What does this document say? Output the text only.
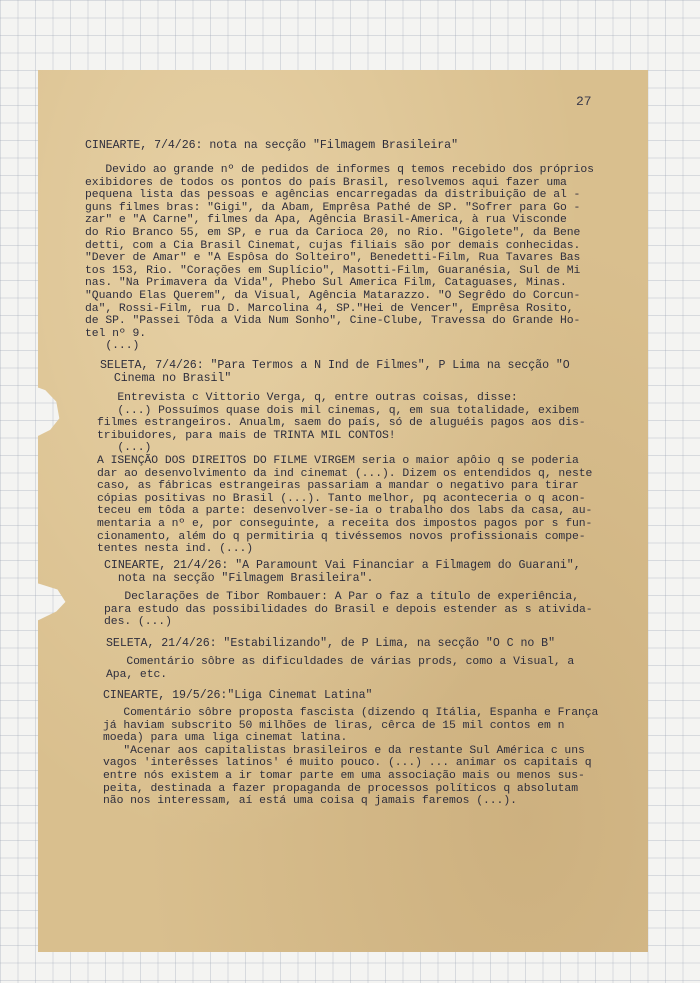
27
CINEARTE, 7/4/26: nota na secção "Filmagem Brasileira"
Devido ao grande nº de pedidos de informes q temos recebido dos próprios
exibidores de todos os pontos do país Brasil, resolvemos aqui fazer uma
pequena lista das pessoas e agências encarregadas da distribuição de al -
guns filmes bras: "Gigi", da Abam, Emprêsa Pathé de SP. "Sofrer para Go -
zar" e "A Carne", filmes da Apa, Agência Brasil-America, à rua Visconde
do Rio Branco 55, em SP, e rua da Carioca 20, no Rio. "Gigolete", da Bene
detti, com a Cia Brasil Cinemat, cujas filiais são por demais conhecidas.
"Dever de Amar" e "A Espôsa do Solteiro", Benedetti-Film, Rua Tavares Bas
tos 153, Rio. "Corações em Suplício", Masotti-Film, Guaranésia, Sul de Mi
nas. "Na Primavera da Vida", Phebo Sul America Film, Cataguases, Minas.
"Quando Elas Querem", da Visual, Agência Matarazzo. "O Segrêdo do Corcun-
da", Rossi-Film, rua D. Marcolina 4, SP."Hei de Vencer", Emprêsa Rosito,
de SP. "Passei Tôda a Vida Num Sonho", Cine-Clube, Travessa do Grande Ho-
tel nº 9.
(...)
SELETA, 7/4/26: "Para Termos a N Ind de Filmes", P Lima na secção "O
Cinema no Brasil"
Entrevista c Vittorio Verga, q, entre outras coisas, disse:
(...) Possuímos quase dois mil cinemas, q, em sua totalidade, exibem
filmes estrangeiros. Anualm, saem do país, só de aluguéis pagos aos dis-
tribuidores, para mais de TRINTA MIL CONTOS!
(...)
A ISENÇÃO DOS DIREITOS DO FILME VIRGEM seria o maior apôio q se poderia
dar ao desenvolvimento da ind cinemat (...). Dizem os entendidos q, neste
caso, as fábricas estrangeiras passariam a mandar o negativo para tirar
cópias positivas no Brasil (...). Tanto melhor, pq aconteceria o q acon-
teceu em tôda a parte: desenvolver-se-ia o trabalho dos labs da casa, au-
mentaria a nº e, por conseguinte, a receita dos impostos pagos por s fun-
cionamento, além do q permitiria q tivéssemos novos profissionais compe-
tentes nesta ind. (...)
CINEARTE, 21/4/26: "A Paramount Vai Financiar a Filmagem do Guarani",
nota na secção "Filmagem Brasileira".
Declarações de Tibor Rombauer: A Par o faz a título de experiência,
para estudo das possibilidades do Brasil e depois estender as s ativida-
des. (...)
SELETA, 21/4/26: "Estabilizando", de P Lima, na secção "O C no B"
Comentário sôbre as dificuldades de várias prods, como a Visual, a
Apa, etc.
CINEARTE, 19/5/26:"Liga Cinemat Latina"
Comentário sôbre proposta fascista (dizendo q Itália, Espanha e França
já haviam subscrito 50 milhões de liras, cêrca de 15 mil contos em n
moeda) para uma liga cinemat latina.
"Acenar aos capitalistas brasileiros e da restante Sul América c uns
vagos 'interêsses latinos' é muito pouco. (...) ... animar os capitais q
entre nós existem a ir tomar parte em uma associação mais ou menos sus-
peita, destinada a fazer propaganda de processos políticos q absolutam
não nos interessam, aí está uma coisa q jamais faremos (...).
